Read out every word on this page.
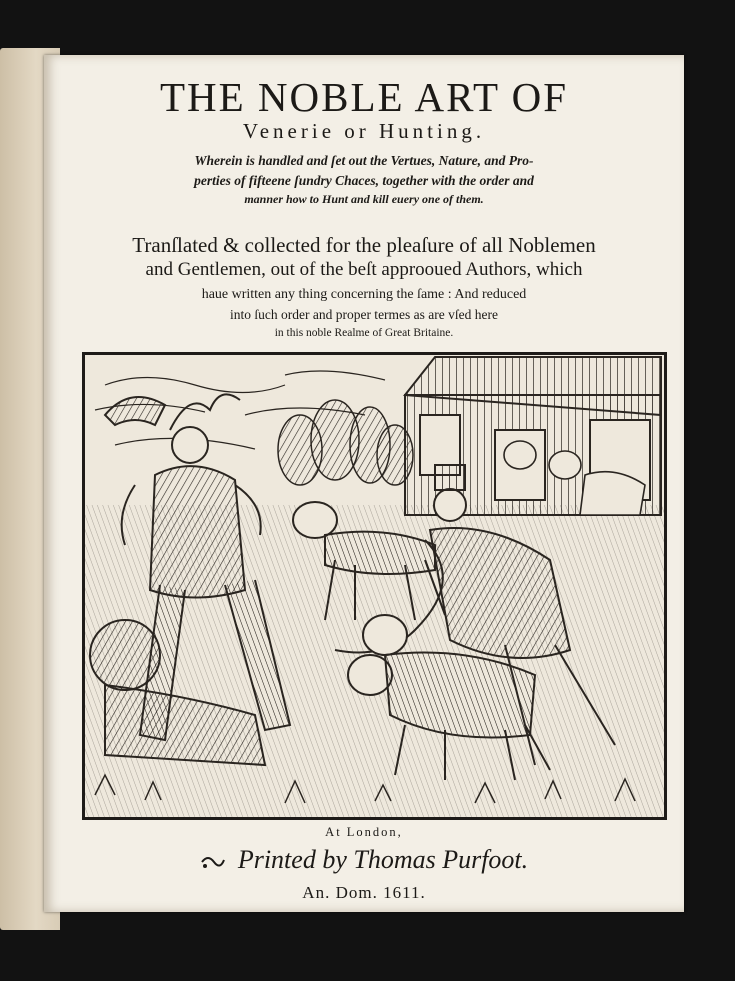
THE NOBLE ART OF
Venerie or Hunting.
Wherein is handled and ſet out the Vertues, Nature, and Pro-
perties of fifteene ſundry Chaces, together with the order and
manner how to Hunt and kill euery one of them.
Tranſlated & collected for the pleaſure of all Noblemen
and Gentlemen, out of the beſt approoued Authors, which
haue written any thing concerning the ſame : And reduced
into ſuch order and proper termes as are vſed here
in this noble Realme of Great Britaine.
At London,
Printed by Thomas Purfoot.
An. Dom. 1611.
